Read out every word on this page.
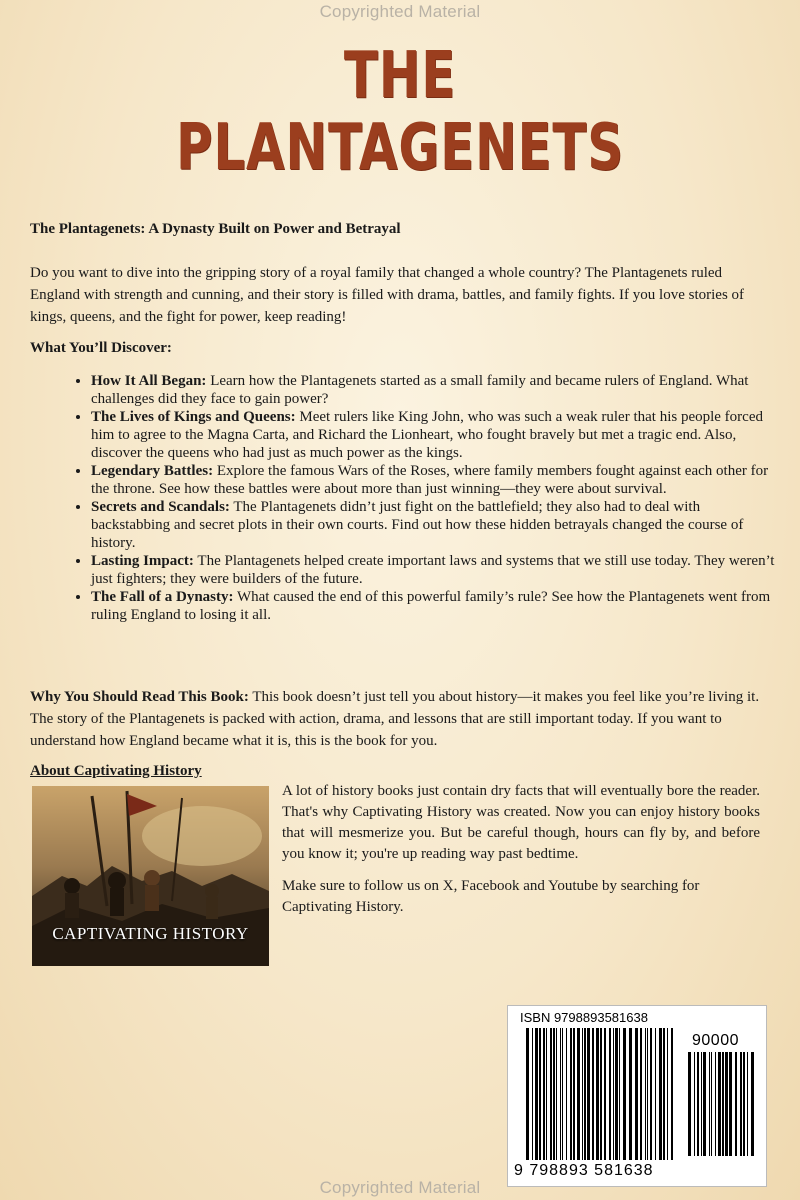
Copyrighted Material
THE
PLANTAGENETS
The Plantagenets: A Dynasty Built on Power and Betrayal
Do you want to dive into the gripping story of a royal family that changed a whole country? The Plantagenets ruled England with strength and cunning, and their story is filled with drama, battles, and family fights. If you love stories of kings, queens, and the fight for power, keep reading!
What You’ll Discover:
• How It All Began: Learn how the Plantagenets started as a small family and became rulers of England. What challenges did they face to gain power?
• The Lives of Kings and Queens: Meet rulers like King John, who was such a weak ruler that his people forced him to agree to the Magna Carta, and Richard the Lionheart, who fought bravely but met a tragic end. Also, discover the queens who had just as much power as the kings.
• Legendary Battles: Explore the famous Wars of the Roses, where family members fought against each other for the throne. See how these battles were about more than just winning—they were about survival.
• Secrets and Scandals: The Plantagenets didn’t just fight on the battlefield; they also had to deal with backstabbing and secret plots in their own courts. Find out how these hidden betrayals changed the course of history.
• Lasting Impact: The Plantagenets helped create important laws and systems that we still use today. They weren’t just fighters; they were builders of the future.
• The Fall of a Dynasty: What caused the end of this powerful family’s rule? See how the Plantagenets went from ruling England to losing it all.
Why You Should Read This Book: This book doesn’t just tell you about history—it makes you feel like you’re living it. The story of the Plantagenets is packed with action, drama, and lessons that are still important today. If you want to understand how England became what it is, this is the book for you.
About Captivating History
CAPTIVATING HISTORY
A lot of history books just contain dry facts that will eventually bore the reader. That's why Captivating History was created. Now you can enjoy history books that will mesmerize you. But be careful though, hours can fly by, and before you know it; you're up reading way past bedtime.
Make sure to follow us on X, Facebook and Youtube by searching for Captivating History.
ISBN 9798893581638
90000
9 798893 581638
Copyrighted Material
